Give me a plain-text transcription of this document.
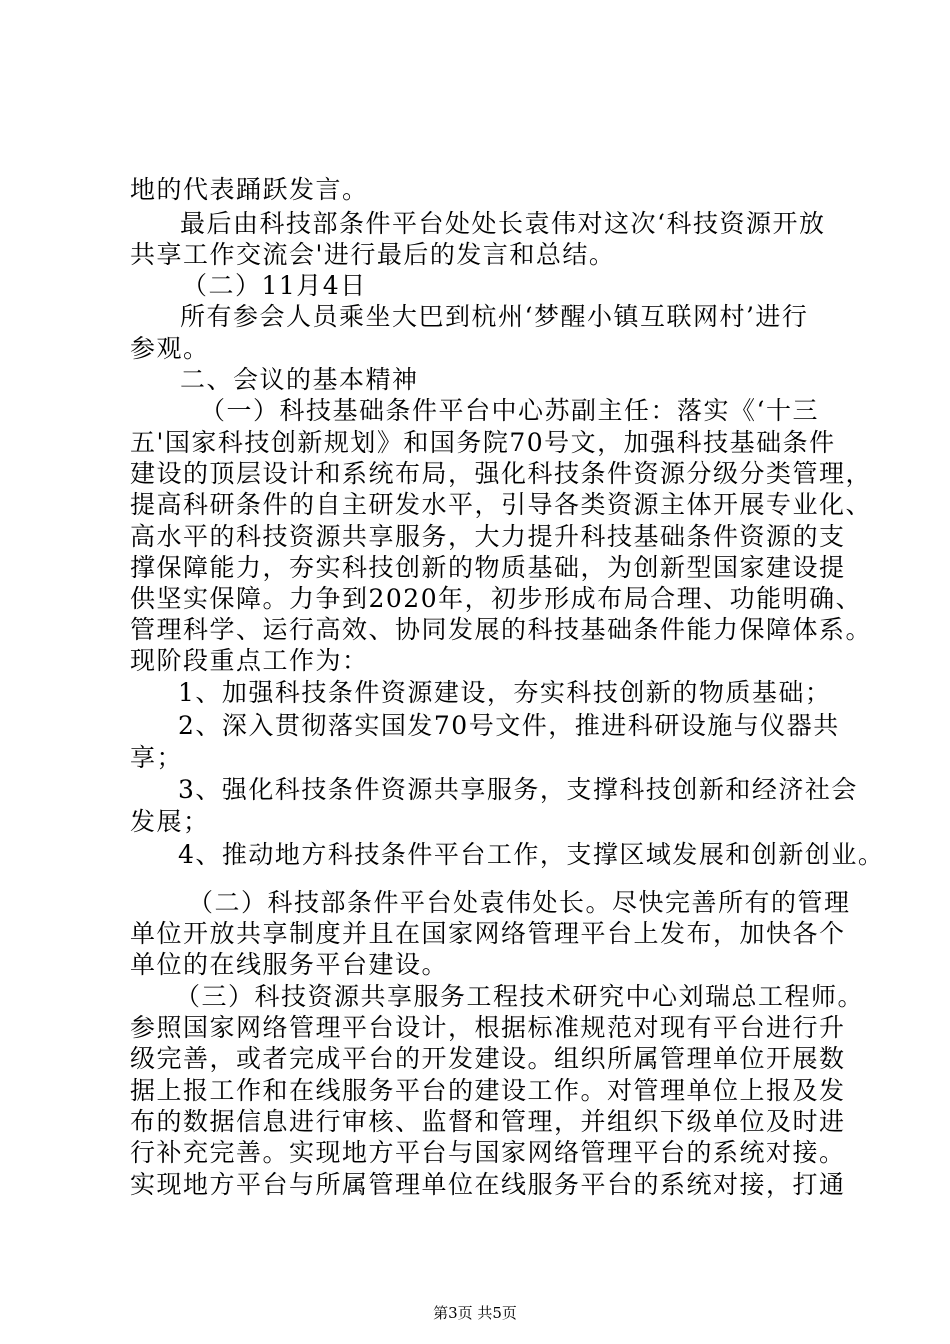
地的代表踊跃发言。
最后由科技部条件平台处处长袁伟对这次‘科技资源开放
共享工作交流会'进行最后的发言和总结。
（二）11月4日
所有参会人员乘坐大巴到杭州‘梦醒小镇互联网村’进行
参观。
二、会议的基本精神
（一）科技基础条件平台中心苏副主任：落实《‘十三
五'国家科技创新规划》和国务院70号文，加强科技基础条件
建设的顶层设计和系统布局，强化科技条件资源分级分类管理，
提高科研条件的自主研发水平，引导各类资源主体开展专业化、
高水平的科技资源共享服务，大力提升科技基础条件资源的支
撑保障能力，夯实科技创新的物质基础，为创新型国家建设提
供坚实保障。力争到2020年，初步形成布局合理、功能明确、
管理科学、运行高效、协同发展的科技基础条件能力保障体系。
现阶段重点工作为：
1、加强科技条件资源建设，夯实科技创新的物质基础；
2、深入贯彻落实国发70号文件，推进科研设施与仪器共
享；
3、强化科技条件资源共享服务，支撑科技创新和经济社会
发展；
4、推动地方科技条件平台工作，支撑区域发展和创新创业。
（二）科技部条件平台处袁伟处长。尽快完善所有的管理
单位开放共享制度并且在国家网络管理平台上发布，加快各个
单位的在线服务平台建设。
（三）科技资源共享服务工程技术研究中心刘瑞总工程师。
参照国家网络管理平台设计，根据标准规范对现有平台进行升
级完善，或者完成平台的开发建设。组织所属管理单位开展数
据上报工作和在线服务平台的建设工作。对管理单位上报及发
布的数据信息进行审核、监督和管理，并组织下级单位及时进
行补充完善。实现地方平台与国家网络管理平台的系统对接。
实现地方平台与所属管理单位在线服务平台的系统对接，打通
第3页 共5页
